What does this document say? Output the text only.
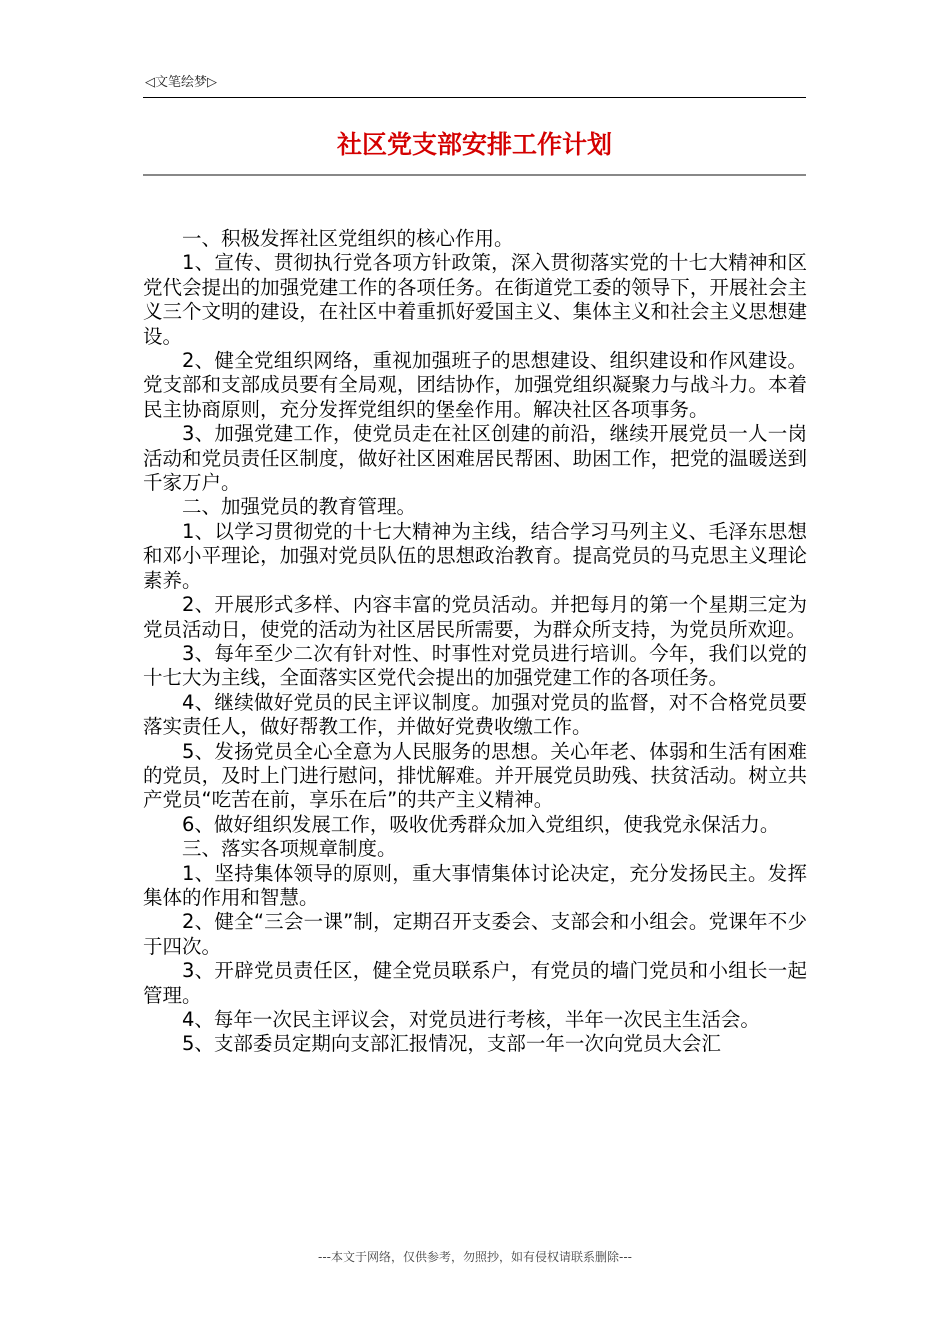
◁文笔绘梦▷
社区党支部安排工作计划

一、积极发挥社区党组织的核心作用。

1、宣传、贯彻执行党各项方针政策，深入贯彻落实党的十七大精神和区党代会提出的加强党建工作的各项任务。在街道党工委的领导下，开展社会主义三个文明的建设，在社区中着重抓好爱国主义、集体主义和社会主义思想建设。

2、健全党组织网络，重视加强班子的思想建设、组织建设和作风建设。党支部和支部成员要有全局观，团结协作，加强党组织凝聚力与战斗力。本着民主协商原则，充分发挥党组织的堡垒作用。解决社区各项事务。

3、加强党建工作，使党员走在社区创建的前沿，继续开展党员一人一岗活动和党员责任区制度，做好社区困难居民帮困、助困工作，把党的温暖送到千家万户。

二、加强党员的教育管理。

1、以学习贯彻党的十七大精神为主线，结合学习马列主义、毛泽东思想和邓小平理论，加强对党员队伍的思想政治教育。提高党员的马克思主义理论素养。

2、开展形式多样、内容丰富的党员活动。并把每月的第一个星期三定为党员活动日，使党的活动为社区居民所需要，为群众所支持，为党员所欢迎。

3、每年至少二次有针对性、时事性对党员进行培训。今年，我们以党的十七大为主线，全面落实区党代会提出的加强党建工作的各项任务。

4、继续做好党员的民主评议制度。加强对党员的监督，对不合格党员要落实责任人，做好帮教工作，并做好党费收缴工作。

5、发扬党员全心全意为人民服务的思想。关心年老、体弱和生活有困难的党员，及时上门进行慰问，排忧解难。并开展党员助残、扶贫活动。树立共产党员“吃苦在前，享乐在后”的共产主义精神。

6、做好组织发展工作，吸收优秀群众加入党组织，使我党永保活力。

三、落实各项规章制度。

1、坚持集体领导的原则，重大事情集体讨论决定，充分发扬民主。发挥集体的作用和智慧。

2、健全“三会一课”制，定期召开支委会、支部会和小组会。党课年不少于四次。

3、开辟党员责任区，健全党员联系户，有党员的墙门党员和小组长一起管理。

4、每年一次民主评议会，对党员进行考核，半年一次民主生活会。

5、支部委员定期向支部汇报情况，支部一年一次向党员大会汇

---本文于网络，仅供参考，勿照抄，如有侵权请联系删除---
